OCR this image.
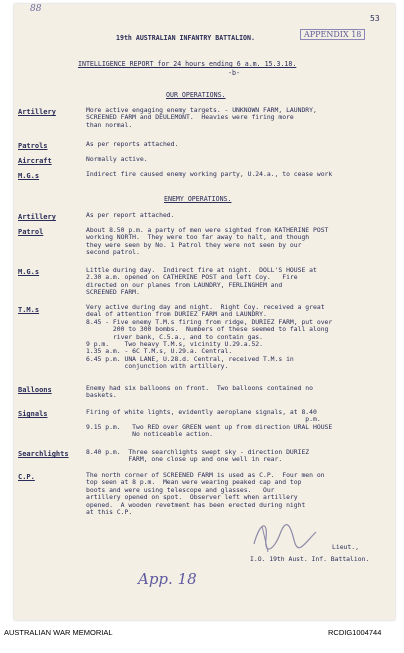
88
53
19th AUSTRALIAN INFANTRY BATTALION.	APPENDIX 18
INTELLIGENCE REPORT for 24 hours ending 6 a.m. 15.3.18.
-b-
OUR OPERATIONS.
Artillery	More active engaging enemy targets. - UNKNOWN FARM, LAUNDRY,
SCREENED FARM and DEULEMONT.  Heavies were firing more
than normal.
Patrols	As per reports attached.
Aircraft	Normally active.
M.G.s	Indirect fire caused enemy working party, U.24.a., to cease work
ENEMY OPERATIONS.
Artillery	As per report attached.
Patrol	About 8.50 p.m. a party of men were sighted from KATHERINE POST
working NORTH.  They were too far away to halt, and though
they were seen by No. 1 Patrol they were not seen by our
second patrol.
M.G.s	Little during day.  Indirect fire at night.  DOLL'S HOUSE at
2.30 a.m. opened on CATHERINE POST and left Coy.   Fire
directed on our planes from LAUNDRY, FERLINGHEM and
SCREENED FARM.
T.M.s	Very active during day and night.  Right Coy. received a great
deal of attention from DURIEZ FARM and LAUNDRY.
8.45 - Five enemy T.M.s firing from ridge, DURIEZ FARM, put over
200 to 300 bombs.  Numbers of these seemed to fall along
river bank, C.5.a., and to contain gas.
9 p.m.    Two heavy T.M.s, vicinity U.29.a.52.
1.35 a.m. - 6C T.M.s, U.29.a. Central.
6.45 p.m. UNA LANE, U.28.d. Central, received T.M.s in
conjunction with artillery.
Balloons	Enemy had six balloons on front.  Two balloons contained no
baskets.
Signals	Firing of white lights, evidently aeroplane signals, at 8.40
p.m.
9.15 p.m.   Two RED over GREEN went up from direction URAL HOUSE
No noticeable action.
Searchlights	8.40 p.m.  Three searchlights swept sky - direction DURIEZ
FARM, one close up and one well in rear.
C.P.	The north corner of SCREENED FARM is used as C.P.  Four men on
top seen at 8 p.m.  Mean were wearing peaked cap and top
boots and were using telescope and glasses.   Our
artillery opened on spot.  Observer left when artillery
opened.  A wooden revetment has been erected during night
at this C.P.
Lieut.,
I.O. 19th Aust. Inf. Battalion.
App. 18
AUSTRALIAN WAR MEMORIAL	RCDIG1004744
